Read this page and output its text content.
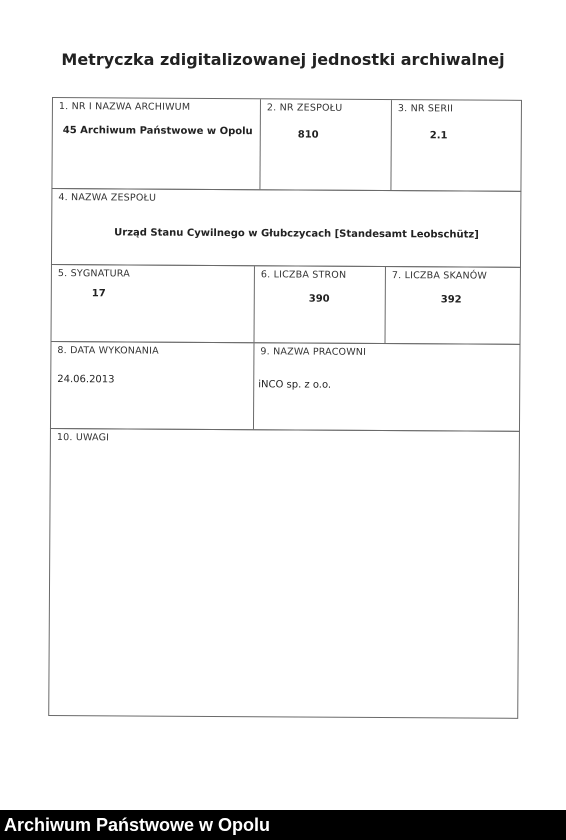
Metryczka zdigitalizowanej jednostki archiwalnej
1. NR I NAZWA ARCHIWUM
45 Archiwum Państwowe w Opolu
2. NR ZESPOŁU
810
3. NR SERII
2.1
4. NAZWA ZESPOŁU
Urząd Stanu Cywilnego w Głubczycach [Standesamt Leobschütz]
5. SYGNATURA
17
6. LICZBA STRON
390
7. LICZBA SKANÓW
392
8. DATA WYKONANIA
24.06.2013
9. NAZWA PRACOWNI
iNCO sp. z o.o.
10. UWAGI
Archiwum Państwowe w Opolu
